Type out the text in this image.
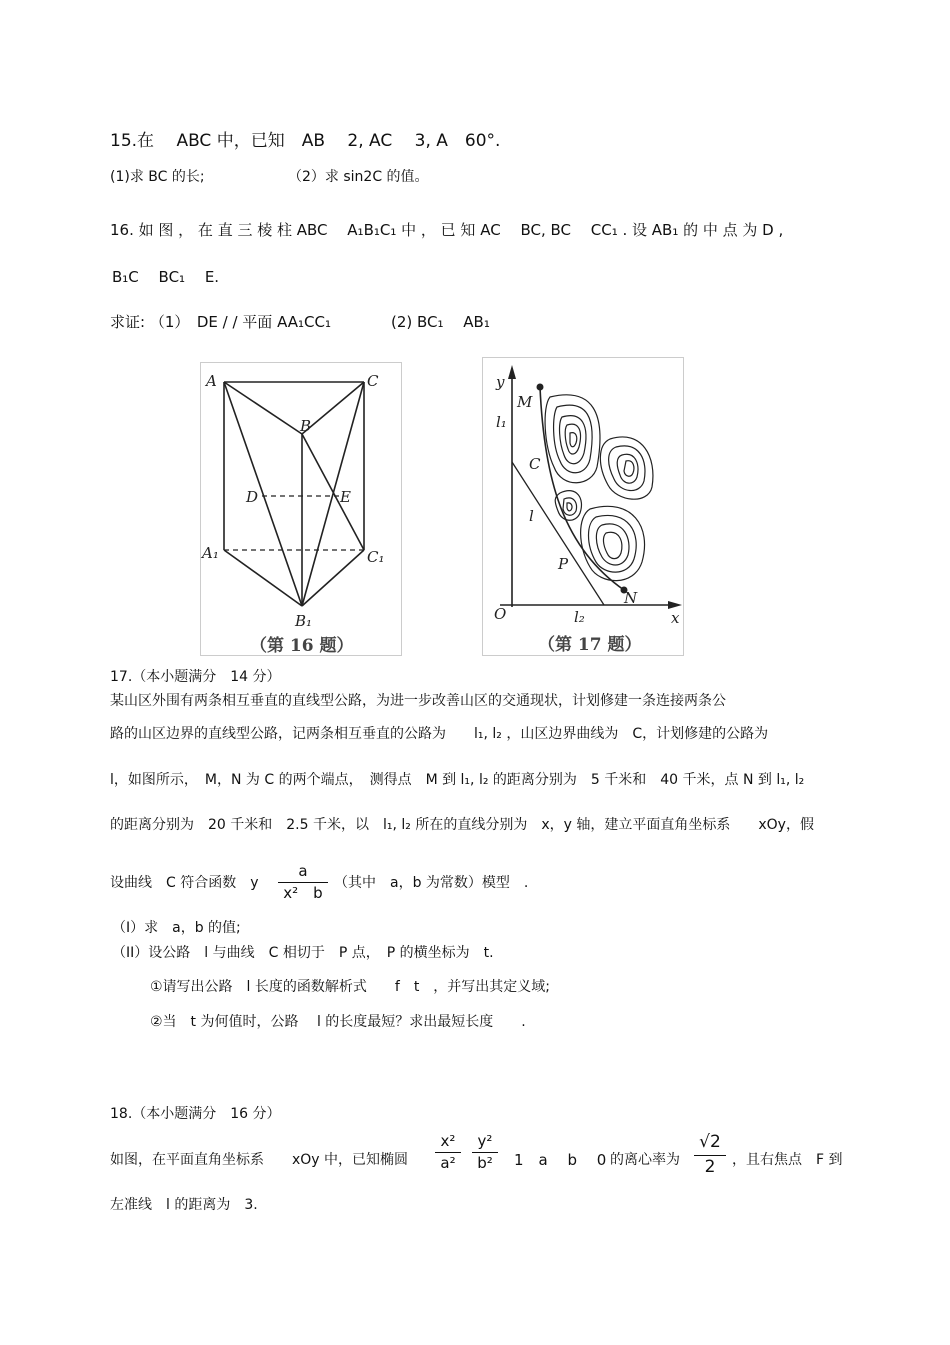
15.在　 ABC 中，已知　AB　 2, AC　 3, A　60°.
(1)求 BC 的长;	（2）求 sin2C 的值。
16. 如 图 ， 在 直 三 棱 柱 ABC　 A₁B₁C₁ 中 ， 已 知 AC　 BC, BC　 CC₁ . 设 AB₁ 的 中 点 为 D ,
B₁C　 BC₁　 E.
求证: （1）　DE / / 平面 AA₁CC₁　　　　(2) BC₁　 AB₁
A	C
B
D	E
A₁	C₁
B₁
（第 16 题）
y
x
O
M
N
P
C
l
l₁
l₂
（第 17 题）
17.（本小题满分　14 分）
某山区外围有两条相互垂直的直线型公路，为进一步改善山区的交通现状，计划修建一条连接两条公
路的山区边界的直线型公路，记两条相互垂直的公路为　　l₁, l₂ ，山区边界曲线为　C，计划修建的公路为
l，如图所示，　M，N 为 C 的两个端点，　测得点　M 到 l₁, l₂ 的距离分别为　5 千米和　40 千米，点 N 到 l₁, l₂
的距离分别为　20 千米和　2.5 千米，以　l₁, l₂ 所在的直线分别为　x，y 轴，建立平面直角坐标系　　xOy，假
设曲线　C 符合函数　y
a
x²　b
（其中　a，b 为常数）模型　.
（I）求　a，b 的值;
（II）设公路　l 与曲线　C 相切于　P 点，　P 的横坐标为　t.
①请写出公路　l 长度的函数解析式　　f　t　，并写出其定义域;
②当　t 为何值时，公路　 l 的长度最短？求出最短长度　　.
18.（本小题满分　16 分）
如图，在平面直角坐标系　　xOy 中，已知椭圆
x²
a²
y²
b²	1　a　 b　 0 的离心率为
√2
2	，且右焦点　F 到
左准线　l 的距离为　3.
